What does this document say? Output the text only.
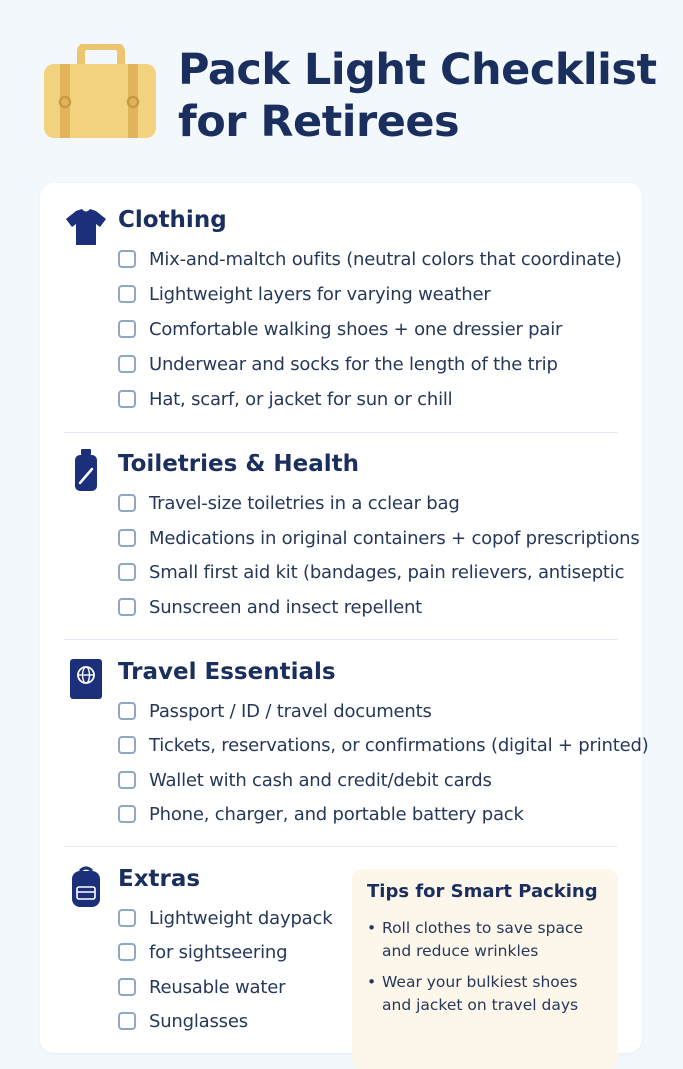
Pack Light Checklist
for Retirees
Clothing
Mix-and-maltch oufits (neutral colors that coordinate)
Lightweight layers for varying weather
Comfortable walking shoes + one dressier pair
Underwear and socks for the length of the trip
Hat, scarf, or jacket for sun or chill
Toiletries & Health
Travel-size toiletries in a cclear bag
Medications in original containers + copof prescriptions
Small first aid kit (bandages, pain relievers, antiseptic
Sunscreen and insect repellent
Travel Essentials
Passport / ID / travel documents
Tickets, reservations, or confirmations (digital + printed)
Wallet with cash and credit/debit cards
Phone, charger, and portable battery pack
Extras
Lightweight daypack
for sightseering
Reusable water
Sunglasses
Tips for Smart Packing
• Roll clothes to save space
and reduce wrinkles
• Wear your bulkiest shoes
and jacket on travel days
